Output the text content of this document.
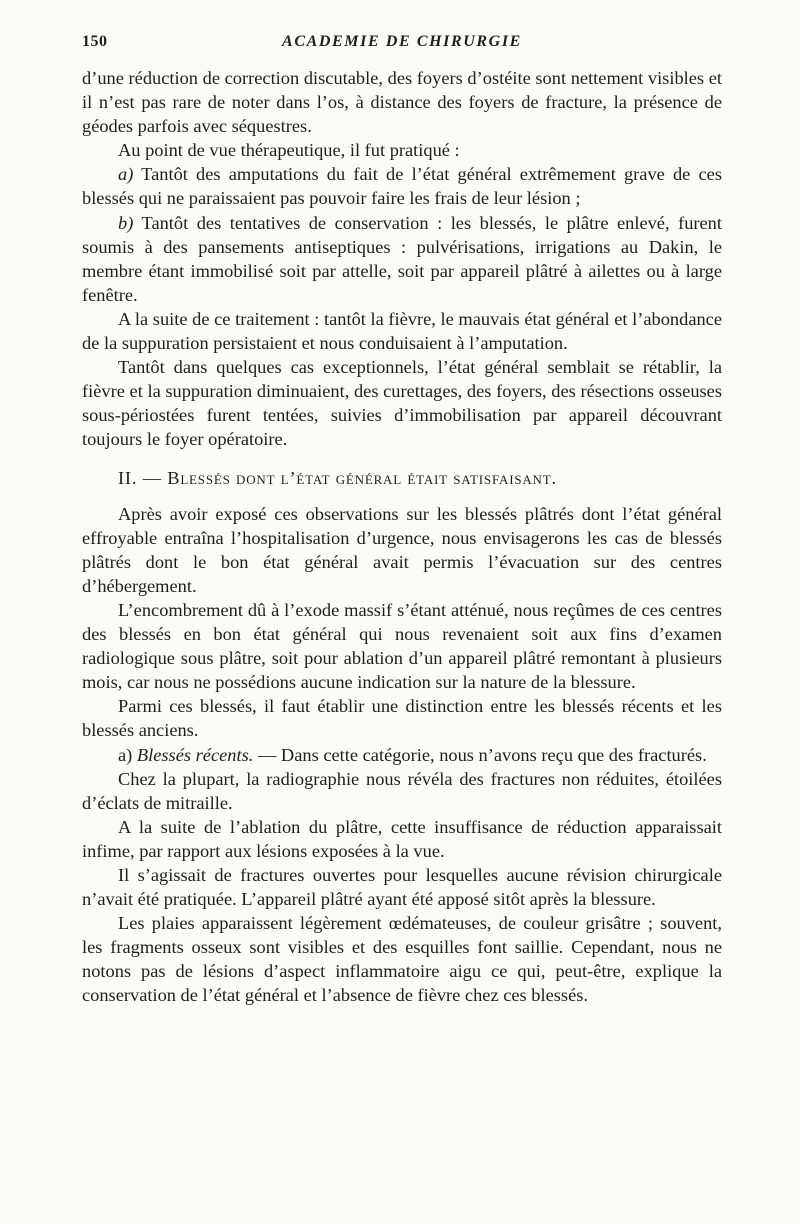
150	ACADEMIE DE CHIRURGIE

d’une réduction de correction discutable, des foyers d’ostéite sont nettement visibles et il n’est pas rare de noter dans l’os, à distance des foyers de fracture, la présence de géodes parfois avec séquestres.

Au point de vue thérapeutique, il fut pratiqué :

a) Tantôt des amputations du fait de l’état général extrêmement grave de ces blessés qui ne paraissaient pas pouvoir faire les frais de leur lésion ;

b) Tantôt des tentatives de conservation : les blessés, le plâtre enlevé, furent soumis à des pansements antiseptiques : pulvérisations, irrigations au Dakin, le membre étant immobilisé soit par attelle, soit par appareil plâtré à ailettes ou à large fenêtre.

A la suite de ce traitement : tantôt la fièvre, le mauvais état général et l’abondance de la suppuration persistaient et nous conduisaient à l’amputation.

Tantôt dans quelques cas exceptionnels, l’état général semblait se rétablir, la fièvre et la suppuration diminuaient, des curettages, des foyers, des résections osseuses sous-périostées furent tentées, suivies d’immobilisation par appareil découvrant toujours le foyer opératoire.

II. — Blessés dont l’état général était satisfaisant.

Après avoir exposé ces observations sur les blessés plâtrés dont l’état général effroyable entraîna l’hospitalisation d’urgence, nous envisagerons les cas de blessés plâtrés dont le bon état général avait permis l’évacuation sur des centres d’hébergement.

L’encombrement dû à l’exode massif s’étant atténué, nous reçûmes de ces centres des blessés en bon état général qui nous revenaient soit aux fins d’examen radiologique sous plâtre, soit pour ablation d’un appareil plâtré remontant à plusieurs mois, car nous ne possédions aucune indication sur la nature de la blessure.

Parmi ces blessés, il faut établir une distinction entre les blessés récents et les blessés anciens.

a) Blessés récents. — Dans cette catégorie, nous n’avons reçu que des fracturés.

Chez la plupart, la radiographie nous révéla des fractures non réduites, étoilées d’éclats de mitraille.

A la suite de l’ablation du plâtre, cette insuffisance de réduction apparaissait infime, par rapport aux lésions exposées à la vue.

Il s’agissait de fractures ouvertes pour lesquelles aucune révision chirurgicale n’avait été pratiquée. L’appareil plâtré ayant été apposé sitôt après la blessure.

Les plaies apparaissent légèrement œdémateuses, de couleur grisâtre ; souvent, les fragments osseux sont visibles et des esquilles font saillie. Cependant, nous ne notons pas de lésions d’aspect inflammatoire aigu ce qui, peut-être, explique la conservation de l’état général et l’absence de fièvre chez ces blessés.
